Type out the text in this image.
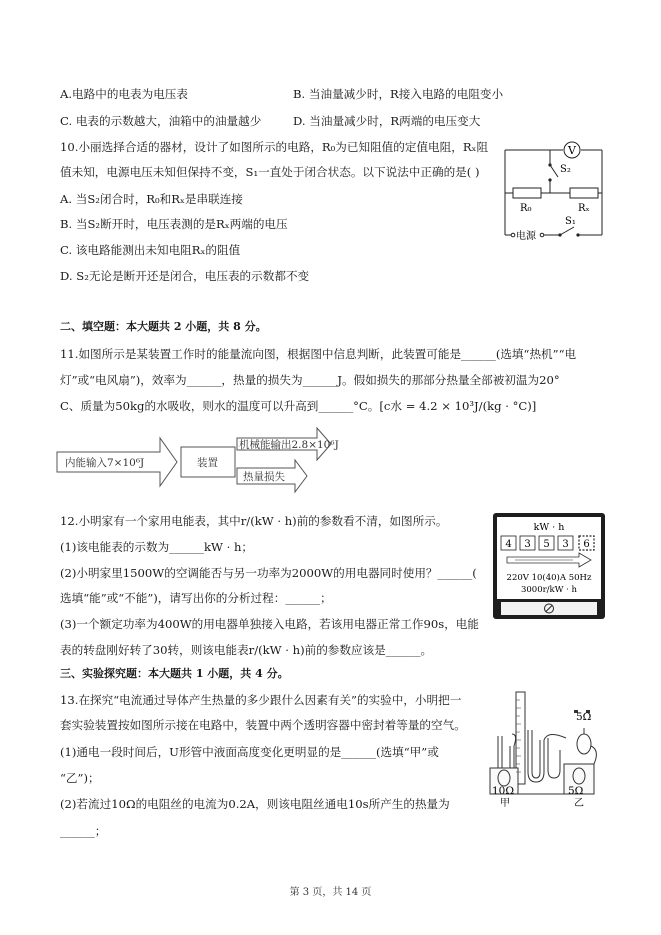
A.电路中的电表为电压表	B. 当油量减少时，R接入电路的电阻变小
C. 电表的示数越大，油箱中的油量越少	D. 当油量减少时，R两端的电压变大
10.小丽选择合适的器材，设计了如图所示的电路，R₀为已知阻值的定值电阻，Rₓ阻
值未知，电源电压未知但保持不变，S₁一直处于闭合状态。以下说法中正确的是( )
A. 当S₂闭合时，R₀和Rₓ是串联连接
B. 当S₂断开时，电压表测的是Rₓ两端的电压
C. 该电路能测出未知电阻Rₓ的阻值
D. S₂无论是断开还是闭合，电压表的示数都不变
V
S₂
R₀	Rₓ
电源
S₁
二、填空题：本大题共 2 小题，共 8 分。
11.如图所示是某装置工作时的能量流向图，根据图中信息判断，此装置可能是______(选填“热机”“电
灯”或“电风扇”)，效率为______，热量的损失为______J。假如损失的那部分热量全部被初温为20°
C、质量为50kg的水吸收，则水的温度可以升高到______°C。[c水 = 4.2 × 10³J/(kg · °C)]
内能输入7×10⁶J	装置
机械能输出2.8×10⁶J
热量损失
12.小明家有一个家用电能表，其中r/(kW · h)前的参数看不清，如图所示。
(1)该电能表的示数为______kW · h；
(2)小明家里1500W的空调能否与另一功率为2000W的用电器同时使用？______(
选填“能”或“不能”)，请写出你的分析过程：______；
(3)一个额定功率为400W的用电器单独接入电路，若该用电器正常工作90s，电能
表的转盘刚好转了30转，则该电能表r/(kW · h)前的参数应该是______。
kW · h
4 3 5 3 6
220V 10(40)A 50Hz
3000r/kW · h
三、实验探究题：本大题共 1 小题，共 4 分。
13.在探究“电流通过导体产生热量的多少跟什么因素有关”的实验中，小明把一
套实验装置按如图所示接在电路中，装置中两个透明容器中密封着等量的空气。
(1)通电一段时间后，U形管中液面高度变化更明显的是______(选填“甲”或
“乙”)；
(2)若流过10Ω的电阻丝的电流为0.2A，则该电阻丝通电10s所产生的热量为
______；
5Ω
10Ω	5Ω
甲	乙
第 3 页，共 14 页
